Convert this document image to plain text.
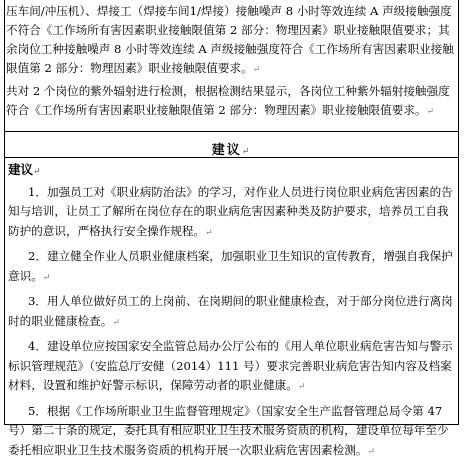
压车间/冲压机）、焊接工（焊接车间1/焊接）接触噪声 8 小时等效连续 A 声级接触强度不符合《工作场所有害因素职业接触限值第 2 部分：物理因素》职业接触限值要求；其余岗位工种接触噪声 8 小时等效连续 A 声级接触强度符合《工作场所有害因素职业接触限值第 2 部分：物理因素》职业接触限值要求。↵

共对 2 个岗位的紫外辐射进行检测，根据检测结果显示，各岗位工种紫外辐射接触强度符合《工作场所有害因素职业接触限值第 2 部分：物理因素》职业接触限值要求。↵

建议↵

建议↵

1．加强员工对《职业病防治法》的学习，对作业人员进行岗位职业病危害因素的告知与培训，让员工了解所在岗位存在的职业病危害因素种类及防护要求，培养员工自我防护的意识，严格执行安全操作规程。↵

2．建立健全作业人员职业健康档案，加强职业卫生知识的宣传教育，增强自我保护意识。↵

3．用人单位做好员工的上岗前、在岗期间的职业健康检查，对于部分岗位进行离岗时的职业健康检查。↵

4．建设单位应按国家安全监管总局办公厅公布的《用人单位职业病危害告知与警示标识管理规范》（安监总厅安健（2014）111 号）要求完善职业病危害告知内容及档案材料，设置和维护好警示标识，保障劳动者的职业健康。↵

5．根据《工作场所职业卫生监督管理规定》（国家安全生产监督管理总局令第 47 号）第二十条的规定，委托具有相应职业卫生技术服务资质的机构，建设单位每年至少委托相应职业卫生技术服务资质的机构开展一次职业病危害因素检测。↵
